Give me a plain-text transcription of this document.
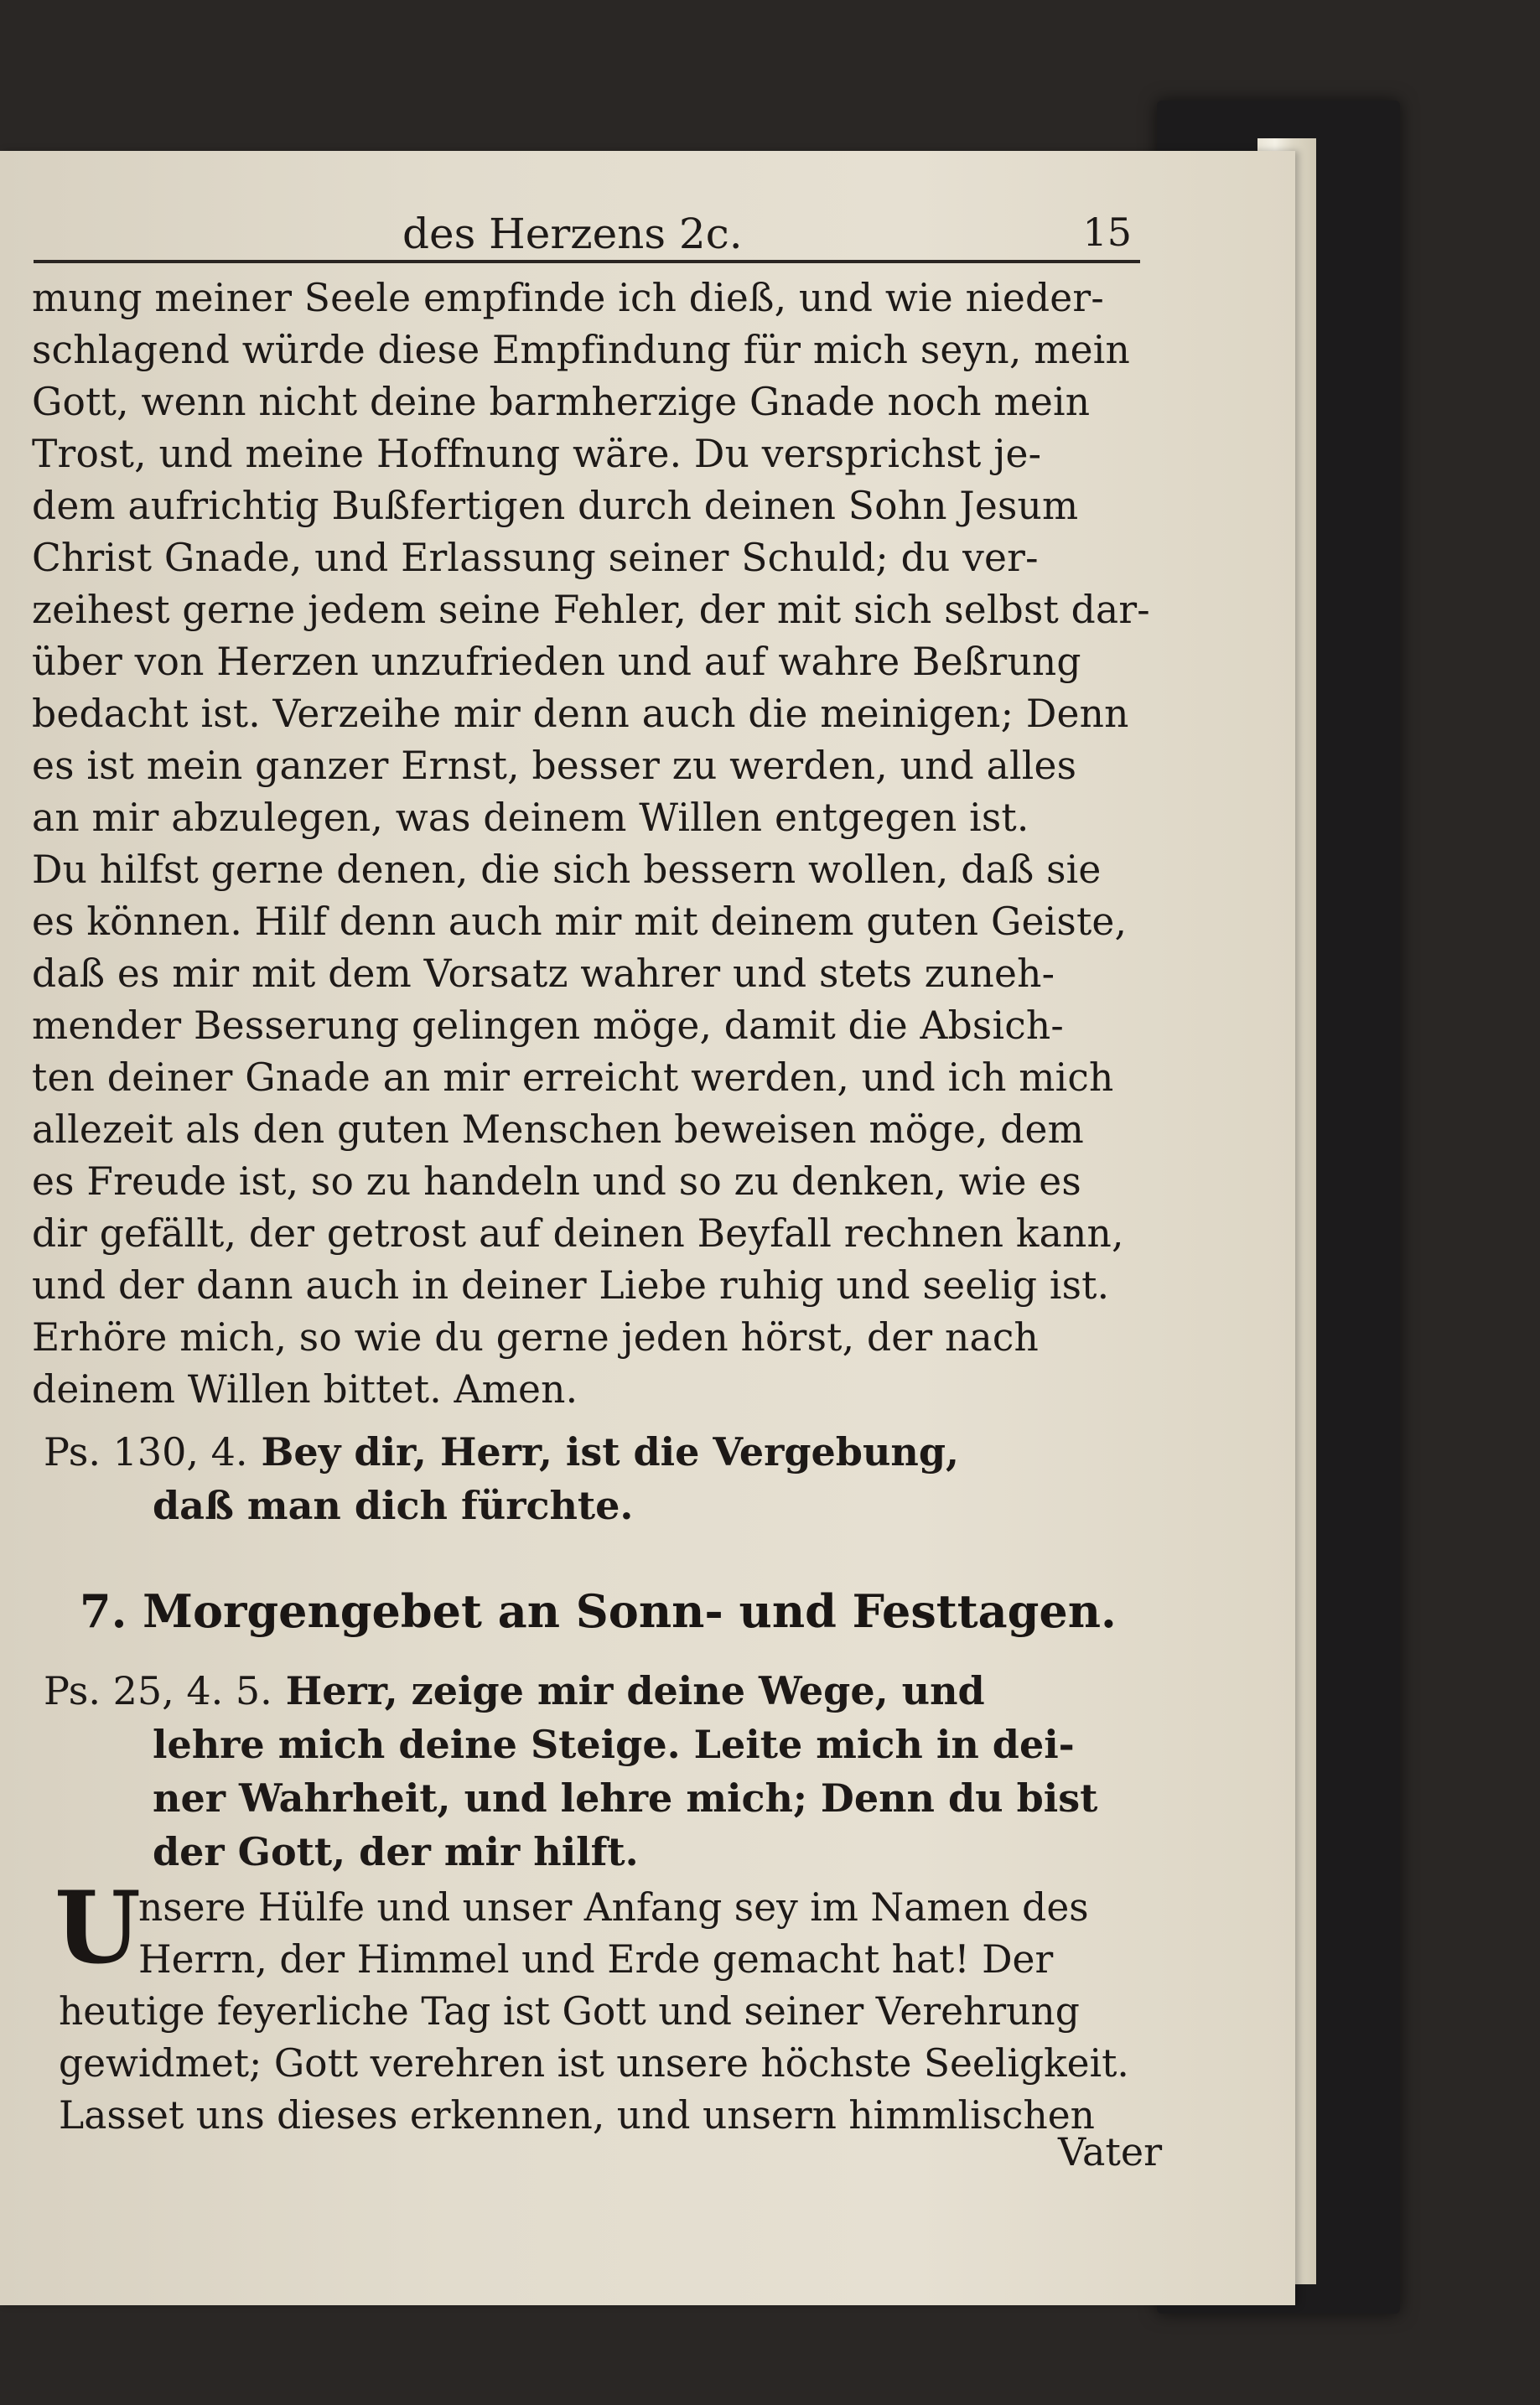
des Herzens 2c.	15
mung meiner Seele empfinde ich dieß, und wie nieder-
schlagend würde diese Empfindung für mich seyn, mein
Gott, wenn nicht deine barmherzige Gnade noch mein
Trost, und meine Hoffnung wäre. Du versprichst je-
dem aufrichtig Bußfertigen durch deinen Sohn Jesum
Christ Gnade, und Erlassung seiner Schuld; du ver-
zeihest gerne jedem seine Fehler, der mit sich selbst dar-
über von Herzen unzufrieden und auf wahre Beßrung
bedacht ist. Verzeihe mir denn auch die meinigen; Denn
es ist mein ganzer Ernst, besser zu werden, und alles
an mir abzulegen, was deinem Willen entgegen ist.
Du hilfst gerne denen, die sich bessern wollen, daß sie
es können. Hilf denn auch mir mit deinem guten Geiste,
daß es mir mit dem Vorsatz wahrer und stets zuneh-
mender Besserung gelingen möge, damit die Absich-
ten deiner Gnade an mir erreicht werden, und ich mich
allezeit als den guten Menschen beweisen möge, dem
es Freude ist, so zu handeln und so zu denken, wie es
dir gefällt, der getrost auf deinen Beyfall rechnen kann,
und der dann auch in deiner Liebe ruhig und seelig ist.
Erhöre mich, so wie du gerne jeden hörst, der nach
deinem Willen bittet. Amen.
Ps. 130, 4. Bey dir, Herr, ist die Vergebung,
daß man dich fürchte.
7. Morgengebet an Sonn- und Festtagen.
Ps. 25, 4. 5. Herr, zeige mir deine Wege, und
lehre mich deine Steige. Leite mich in dei-
ner Wahrheit, und lehre mich; Denn du bist
der Gott, der mir hilft.
U
nsere Hülfe und unser Anfang sey im Namen des
Herrn, der Himmel und Erde gemacht hat! Der
heutige feyerliche Tag ist Gott und seiner Verehrung
gewidmet; Gott verehren ist unsere höchste Seeligkeit.
Lasset uns dieses erkennen, und unsern himmlischen
Vater
